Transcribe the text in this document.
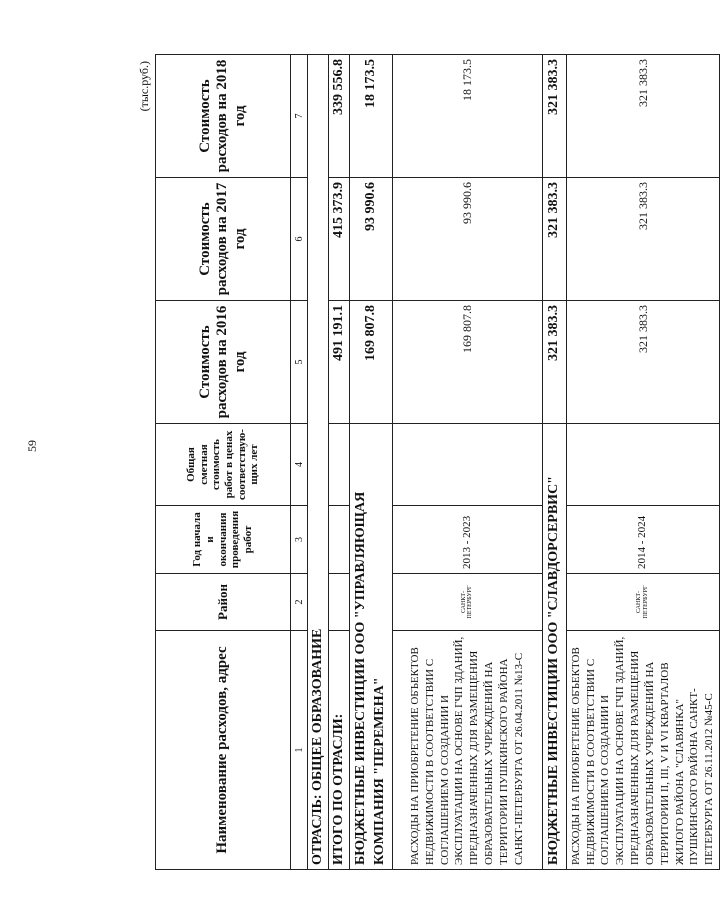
59
(тыс.руб.)
Наименование расходов, адрес	Район	Год начала и окончания проведения работ	Общая сметная стоимость работ в ценах соответствую- щих лет	Стоимость расходов на 2016 год	Стоимость расходов на 2017 год	Стоимость расходов на 2018 год
1	2	3	4	5	6	7
ОТРАСЛЬ: ОБЩЕЕ ОБРАЗОВАНИЕ						
ИТОГО ПО ОТРАСЛИ:				491 191.1	415 373.9	339 556.8
БЮДЖЕТНЫЕ ИНВЕСТИЦИИ ООО "УПРАВЛЯЮЩАЯ КОМПАНИЯ "ПЕРЕМЕНА"				169 807.8	93 990.6	18 173.5
РАСХОДЫ НА ПРИОБРЕТЕНИЕ ОБЪЕКТОВ НЕДВИЖИМОСТИ В СООТВЕТСТВИИ С СОГЛАШЕНИЕМ О СОЗДАНИИ И ЭКСПЛУАТАЦИИ НА ОСНОВЕ ГЧП ЗДАНИЙ, ПРЕДНАЗНАЧЕННЫХ ДЛЯ РАЗМЕЩЕНИЯ ОБРАЗОВАТЕЛЬНЫХ УЧРЕЖДЕНИЙ НА ТЕРРИТОРИИ ПУШКИНСКОГО РАЙОНА САНКТ-ПЕТЕРБУРГА ОТ 26.04.2011 №13-С	САНКТ-ПЕТЕРБУРГ	2013 - 2023		169 807.8	93 990.6	18 173.5
БЮДЖЕТНЫЕ ИНВЕСТИЦИИ ООО "СЛАВДОРСЕРВИС"				321 383.3	321 383.3	321 383.3
РАСХОДЫ НА ПРИОБРЕТЕНИЕ ОБЪЕКТОВ НЕДВИЖИМОСТИ В СООТВЕТСТВИИ С СОГЛАШЕНИЕМ О СОЗДАНИИ И ЭКСПЛУАТАЦИИ НА ОСНОВЕ ГЧП ЗДАНИЙ, ПРЕДНАЗНАЧЕННЫХ ДЛЯ РАЗМЕЩЕНИЯ ОБРАЗОВАТЕЛЬНЫХ УЧРЕЖДЕНИЙ НА ТЕРРИТОРИИ II, III, V И VI КВАРТАЛОВ ЖИЛОГО РАЙОНА "СЛАВЯНКА" ПУШКИНСКОГО РАЙОНА САНКТ-ПЕТЕРБУРГА ОТ 26.11.2012 №45-С	САНКТ-ПЕТЕРБУРГ	2014 - 2024		321 383.3	321 383.3	321 383.3
